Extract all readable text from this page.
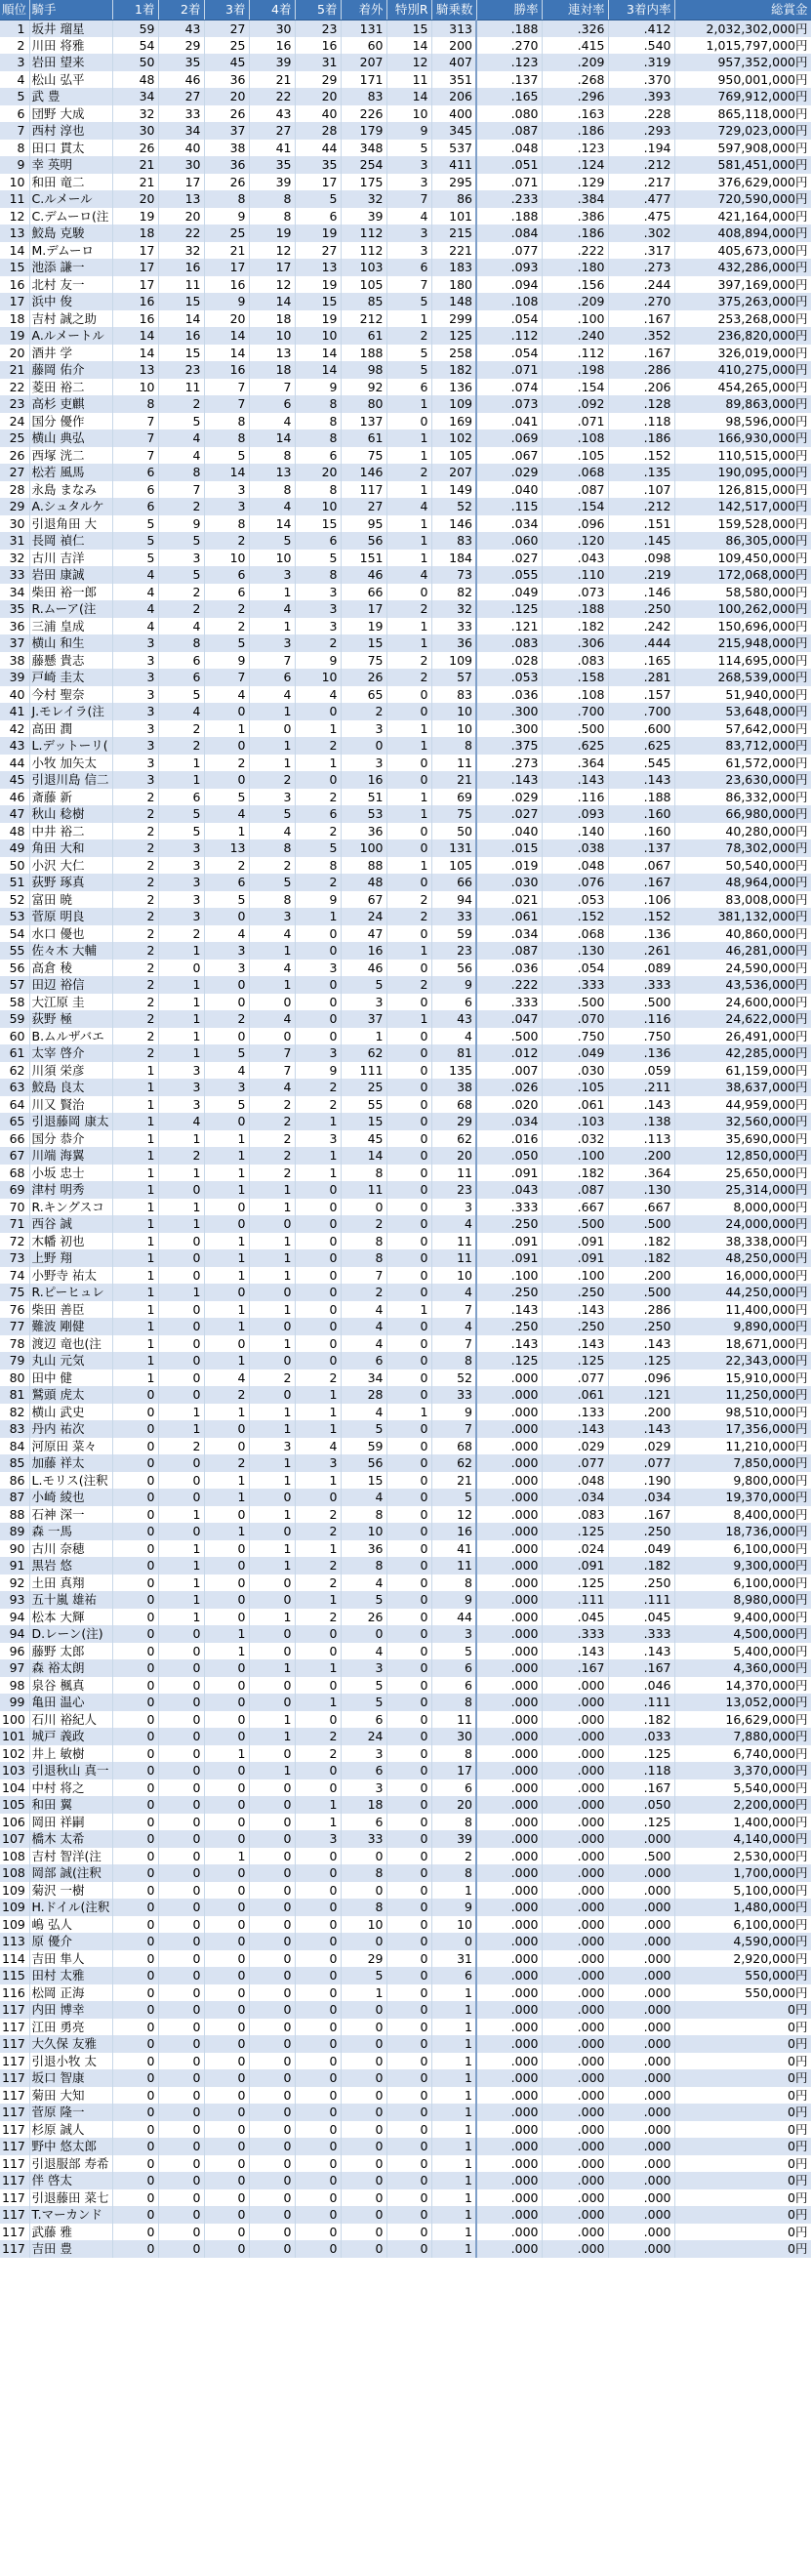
順位	騎手	1着	2着	3着	4着	5着	着外	特別R	騎乗数	勝率	連対率	3着内率	総賞金
1	坂井 瑠星	59	43	27	30	23	131	15	313	.188	.326	.412	2,032,302,000円
2	川田 将雅	54	29	25	16	16	60	14	200	.270	.415	.540	1,015,797,000円
3	岩田 望来	50	35	45	39	31	207	12	407	.123	.209	.319	957,352,000円
4	松山 弘平	48	46	36	21	29	171	11	351	.137	.268	.370	950,001,000円
5	武 豊	34	27	20	22	20	83	14	206	.165	.296	.393	769,912,000円
6	団野 大成	32	33	26	43	40	226	10	400	.080	.163	.228	865,118,000円
7	西村 淳也	30	34	37	27	28	179	9	345	.087	.186	.293	729,023,000円
8	田口 貫太	26	40	38	41	44	348	5	537	.048	.123	.194	597,908,000円
9	幸 英明	21	30	36	35	35	254	3	411	.051	.124	.212	581,451,000円
10	和田 竜二	21	17	26	39	17	175	3	295	.071	.129	.217	376,629,000円
11	C.ルメール	20	13	8	8	5	32	7	86	.233	.384	.477	720,590,000円
12	C.デムーロ(注	19	20	9	8	6	39	4	101	.188	.386	.475	421,164,000円
13	鮫島 克駿	18	22	25	19	19	112	3	215	.084	.186	.302	408,894,000円
14	M.デムーロ	17	32	21	12	27	112	3	221	.077	.222	.317	405,673,000円
15	池添 謙一	17	16	17	17	13	103	6	183	.093	.180	.273	432,286,000円
16	北村 友一	17	11	16	12	19	105	7	180	.094	.156	.244	397,169,000円
17	浜中 俊	16	15	9	14	15	85	5	148	.108	.209	.270	375,263,000円
18	吉村 誠之助	16	14	20	18	19	212	1	299	.054	.100	.167	253,268,000円
19	A.ルメートル	14	16	14	10	10	61	2	125	.112	.240	.352	236,820,000円
20	酒井 学	14	15	14	13	14	188	5	258	.054	.112	.167	326,019,000円
21	藤岡 佑介	13	23	16	18	14	98	5	182	.071	.198	.286	410,275,000円
22	菱田 裕二	10	11	7	7	9	92	6	136	.074	.154	.206	454,265,000円
23	高杉 吏麒	8	2	7	6	8	80	1	109	.073	.092	.128	89,863,000円
24	国分 優作	7	5	8	4	8	137	0	169	.041	.071	.118	98,596,000円
25	横山 典弘	7	4	8	14	8	61	1	102	.069	.108	.186	166,930,000円
26	西塚 洸二	7	4	5	8	6	75	1	105	.067	.105	.152	110,515,000円
27	松若 風馬	6	8	14	13	20	146	2	207	.029	.068	.135	190,095,000円
28	永島 まなみ	6	7	3	8	8	117	1	149	.040	.087	.107	126,815,000円
29	A.シュタルケ	6	2	3	4	10	27	4	52	.115	.154	.212	142,517,000円
30	引退角田 大	5	9	8	14	15	95	1	146	.034	.096	.151	159,528,000円
31	長岡 禎仁	5	5	2	5	6	56	1	83	.060	.120	.145	86,305,000円
32	古川 吉洋	5	3	10	10	5	151	1	184	.027	.043	.098	109,450,000円
33	岩田 康誠	4	5	6	3	8	46	4	73	.055	.110	.219	172,068,000円
34	柴田 裕一郎	4	2	6	1	3	66	0	82	.049	.073	.146	58,580,000円
35	R.ムーア(注	4	2	2	4	3	17	2	32	.125	.188	.250	100,262,000円
36	三浦 皇成	4	4	2	1	3	19	1	33	.121	.182	.242	150,696,000円
37	横山 和生	3	8	5	3	2	15	1	36	.083	.306	.444	215,948,000円
38	藤懸 貴志	3	6	9	7	9	75	2	109	.028	.083	.165	114,695,000円
39	戸崎 圭太	3	6	7	6	10	26	2	57	.053	.158	.281	268,539,000円
40	今村 聖奈	3	5	4	4	4	65	0	83	.036	.108	.157	51,940,000円
41	J.モレイラ(注	3	4	0	1	0	2	0	10	.300	.700	.700	53,648,000円
42	高田 潤	3	2	1	0	1	3	1	10	.300	.500	.600	57,642,000円
43	L.デットーリ(	3	2	0	1	2	0	1	8	.375	.625	.625	83,712,000円
44	小牧 加矢太	3	1	2	1	1	3	0	11	.273	.364	.545	61,572,000円
45	引退川島 信二	3	1	0	2	0	16	0	21	.143	.143	.143	23,630,000円
46	斎藤 新	2	6	5	3	2	51	1	69	.029	.116	.188	86,332,000円
47	秋山 稔樹	2	5	4	5	6	53	1	75	.027	.093	.160	66,980,000円
48	中井 裕二	2	5	1	4	2	36	0	50	.040	.140	.160	40,280,000円
49	角田 大和	2	3	13	8	5	100	0	131	.015	.038	.137	78,302,000円
50	小沢 大仁	2	3	2	2	8	88	1	105	.019	.048	.067	50,540,000円
51	荻野 琢真	2	3	6	5	2	48	0	66	.030	.076	.167	48,964,000円
52	富田 暁	2	3	5	8	9	67	2	94	.021	.053	.106	83,008,000円
53	菅原 明良	2	3	0	3	1	24	2	33	.061	.152	.152	381,132,000円
54	水口 優也	2	2	4	4	0	47	0	59	.034	.068	.136	40,860,000円
55	佐々木 大輔	2	1	3	1	0	16	1	23	.087	.130	.261	46,281,000円
56	高倉 稜	2	0	3	4	3	46	0	56	.036	.054	.089	24,590,000円
57	田辺 裕信	2	1	0	1	0	5	2	9	.222	.333	.333	43,536,000円
58	大江原 圭	2	1	0	0	0	3	0	6	.333	.500	.500	24,600,000円
59	荻野 極	2	1	2	4	0	37	1	43	.047	.070	.116	24,622,000円
60	B.ムルザバエ	2	1	0	0	0	1	0	4	.500	.750	.750	26,491,000円
61	太宰 啓介	2	1	5	7	3	62	0	81	.012	.049	.136	42,285,000円
62	川須 栄彦	1	3	4	7	9	111	0	135	.007	.030	.059	61,159,000円
63	鮫島 良太	1	3	3	4	2	25	0	38	.026	.105	.211	38,637,000円
64	川又 賢治	1	3	5	2	2	55	0	68	.020	.061	.143	44,959,000円
65	引退藤岡 康太	1	4	0	2	1	15	0	29	.034	.103	.138	32,560,000円
66	国分 恭介	1	1	1	2	3	45	0	62	.016	.032	.113	35,690,000円
67	川端 海翼	1	2	1	2	1	14	0	20	.050	.100	.200	12,850,000円
68	小坂 忠士	1	1	1	2	1	8	0	11	.091	.182	.364	25,650,000円
69	津村 明秀	1	0	1	1	0	11	0	23	.043	.087	.130	25,314,000円
70	R.キングスコ	1	1	0	1	0	0	0	3	.333	.667	.667	8,000,000円
71	西谷 誠	1	1	0	0	0	2	0	4	.250	.500	.500	24,000,000円
72	木幡 初也	1	0	1	1	0	8	0	11	.091	.091	.182	38,338,000円
73	上野 翔	1	0	1	1	0	8	0	11	.091	.091	.182	48,250,000円
74	小野寺 祐太	1	0	1	1	0	7	0	10	.100	.100	.200	16,000,000円
75	R.ピーヒュレ	1	1	0	0	0	2	0	4	.250	.250	.500	44,250,000円
76	柴田 善臣	1	0	1	1	0	4	1	7	.143	.143	.286	11,400,000円
77	難波 剛健	1	0	1	0	0	4	0	4	.250	.250	.250	9,890,000円
78	渡辺 竜也(注	1	0	0	1	0	4	0	7	.143	.143	.143	18,671,000円
79	丸山 元気	1	0	1	0	0	6	0	8	.125	.125	.125	22,343,000円
80	田中 健	1	0	4	2	2	34	0	52	.000	.077	.096	15,910,000円
81	鷲頭 虎太	0	0	2	0	1	28	0	33	.000	.061	.121	11,250,000円
82	横山 武史	0	1	1	1	1	4	1	9	.000	.133	.200	98,510,000円
83	丹内 祐次	0	1	0	1	1	5	0	7	.000	.143	.143	17,356,000円
84	河原田 菜々	0	2	0	3	4	59	0	68	.000	.029	.029	11,210,000円
85	加藤 祥太	0	0	2	1	3	56	0	62	.000	.077	.077	7,850,000円
86	L.モリス(注釈	0	0	1	1	1	15	0	21	.000	.048	.190	9,800,000円
87	小崎 綾也	0	0	1	0	0	4	0	5	.000	.034	.034	19,370,000円
88	石神 深一	0	1	0	1	2	8	0	12	.000	.083	.167	8,400,000円
89	森 一馬	0	0	1	0	2	10	0	16	.000	.125	.250	18,736,000円
90	古川 奈穂	0	1	0	1	1	36	0	41	.000	.024	.049	6,100,000円
91	黒岩 悠	0	1	0	1	2	8	0	11	.000	.091	.182	9,300,000円
92	土田 真翔	0	1	0	0	2	4	0	8	.000	.125	.250	6,100,000円
93	五十嵐 雄祐	0	1	0	0	1	5	0	9	.000	.111	.111	8,980,000円
94	松本 大輝	0	1	0	1	2	26	0	44	.000	.045	.045	9,400,000円
94	D.レーン(注)	0	0	1	0	0	0	0	3	.000	.333	.333	4,500,000円
96	藤野 太郎	0	0	1	0	0	4	0	5	.000	.143	.143	5,400,000円
97	森 裕太朗	0	0	0	1	1	3	0	6	.000	.167	.167	4,360,000円
98	泉谷 楓真	0	0	0	0	0	5	0	6	.000	.000	.046	14,370,000円
99	亀田 温心	0	0	0	0	1	5	0	8	.000	.000	.111	13,052,000円
100	石川 裕紀人	0	0	0	1	0	6	0	11	.000	.000	.182	16,629,000円
101	城戸 義政	0	0	0	1	2	24	0	30	.000	.000	.033	7,880,000円
102	井上 敏樹	0	0	1	0	2	3	0	8	.000	.000	.125	6,740,000円
103	引退秋山 真一	0	0	0	1	0	6	0	17	.000	.000	.118	3,370,000円
104	中村 将之	0	0	0	0	0	3	0	6	.000	.000	.167	5,540,000円
105	和田 翼	0	0	0	0	1	18	0	20	.000	.000	.050	2,200,000円
106	岡田 祥嗣	0	0	0	0	1	6	0	8	.000	.000	.125	1,400,000円
107	橋木 太希	0	0	0	0	3	33	0	39	.000	.000	.000	4,140,000円
108	吉村 智洋(注	0	0	1	0	0	0	0	2	.000	.000	.500	2,530,000円
108	岡部 誠(注釈	0	0	0	0	0	8	0	8	.000	.000	.000	1,700,000円
109	菊沢 一樹	0	0	0	0	0	0	0	1	.000	.000	.000	5,100,000円
109	H.ドイル(注釈	0	0	0	0	0	8	0	9	.000	.000	.000	1,480,000円
109	嶋 弘人	0	0	0	0	0	10	0	10	.000	.000	.000	6,100,000円
113	原 優介	0	0	0	0	0	0	0	0	.000	.000	.000	4,590,000円
114	吉田 隼人	0	0	0	0	0	29	0	31	.000	.000	.000	2,920,000円
115	田村 太雅	0	0	0	0	0	5	0	6	.000	.000	.000	550,000円
116	松岡 正海	0	0	0	0	0	1	0	1	.000	.000	.000	550,000円
117	内田 博幸	0	0	0	0	0	0	0	1	.000	.000	.000	0円
117	江田 勇亮	0	0	0	0	0	0	0	1	.000	.000	.000	0円
117	大久保 友雅	0	0	0	0	0	0	0	1	.000	.000	.000	0円
117	引退小牧 太	0	0	0	0	0	0	0	1	.000	.000	.000	0円
117	坂口 智康	0	0	0	0	0	0	0	1	.000	.000	.000	0円
117	菊田 大知	0	0	0	0	0	0	0	1	.000	.000	.000	0円
117	菅原 隆一	0	0	0	0	0	0	0	1	.000	.000	.000	0円
117	杉原 誠人	0	0	0	0	0	0	0	1	.000	.000	.000	0円
117	野中 悠太郎	0	0	0	0	0	0	0	1	.000	.000	.000	0円
117	引退服部 寿希	0	0	0	0	0	0	0	1	.000	.000	.000	0円
117	伴 啓太	0	0	0	0	0	0	0	1	.000	.000	.000	0円
117	引退藤田 菜七	0	0	0	0	0	0	0	1	.000	.000	.000	0円
117	T.マーカンド	0	0	0	0	0	0	0	1	.000	.000	.000	0円
117	武藤 雅	0	0	0	0	0	0	0	1	.000	.000	.000	0円
117	吉田 豊	0	0	0	0	0	0	0	1	.000	.000	.000	0円
